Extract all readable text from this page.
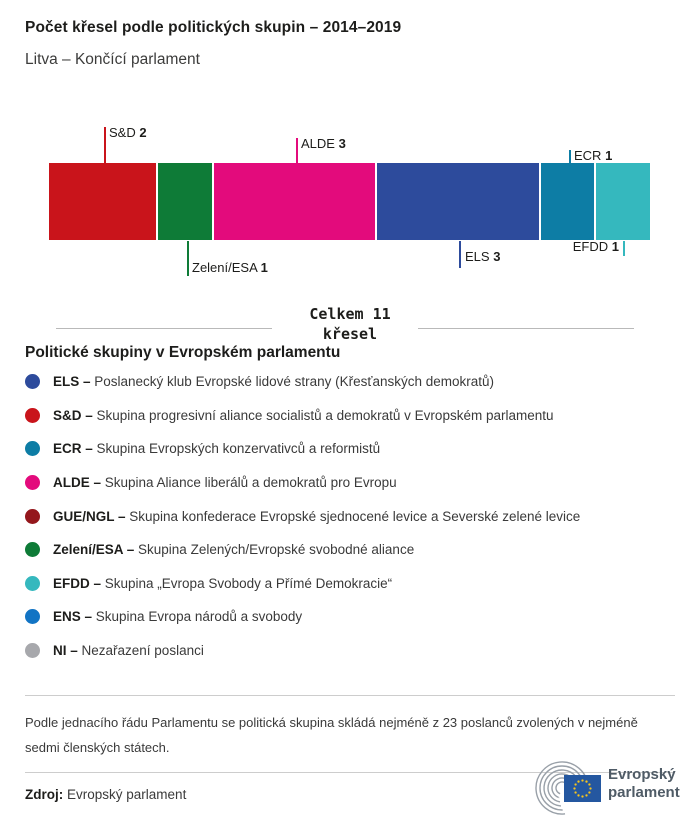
Počet křesel podle politických skupin – 2014–2019
Litva – Končící parlament
S&D 2
Zelení/ESA 1
ALDE 3
ELS 3
ECR 1
EFDD 1
Celkem 11
křesel
Politické skupiny v Evropském parlamentu
ELS – Poslanecký klub Evropské lidové strany (Křesťanských demokratů)
S&D – Skupina progresivní aliance socialistů a demokratů v Evropském parlamentu
ECR – Skupina Evropských konzervativců a reformistů
ALDE – Skupina Aliance liberálů a demokratů pro Evropu
GUE/NGL – Skupina konfederace Evropské sjednocené levice a Severské zelené levice
Zelení/ESA – Skupina Zelených/Evropské svobodné aliance
EFDD – Skupina „Evropa Svobody a Přímé Demokracie“
ENS – Skupina Evropa národů a svobody
NI – Nezařazení poslanci
Podle jednacího řádu Parlamentu se politická skupina skládá nejméně z 23 poslanců zvolených v nejméně sedmi členských státech.
Zdroj: Evropský parlament
Evropský
parlament
